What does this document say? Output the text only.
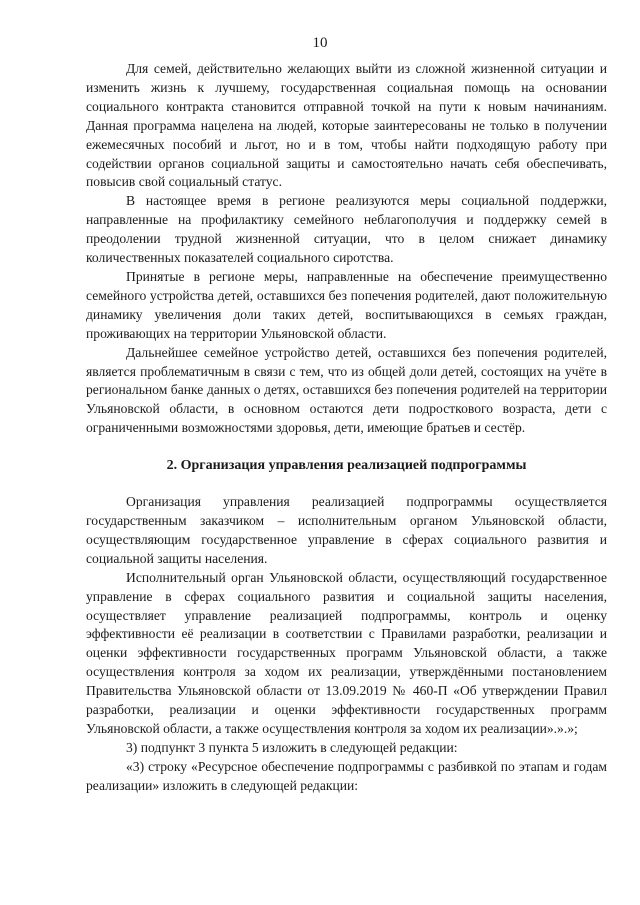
10

Для семей, действительно желающих выйти из сложной жизненной ситуации и изменить жизнь к лучшему, государственная социальная помощь на основании социального контракта становится отправной точкой на пути к новым начинаниям. Данная программа нацелена на людей, которые заинтересованы не только в получении ежемесячных пособий и льгот, но и в том, чтобы найти подходящую работу при содействии органов социальной защиты и самостоятельно начать себя обеспечивать, повысив свой социальный статус.

В настоящее время в регионе реализуются меры социальной поддержки, направленные на профилактику семейного неблагополучия и поддержку семей в преодолении трудной жизненной ситуации, что в целом снижает динамику количественных показателей социального сиротства.

Принятые в регионе меры, направленные на обеспечение преимущественно семейного устройства детей, оставшихся без попечения родителей, дают положительную динамику увеличения доли таких детей, воспитывающихся в семьях граждан, проживающих на территории Ульяновской области.

Дальнейшее семейное устройство детей, оставшихся без попечения родителей, является проблематичным в связи с тем, что из общей доли детей, состоящих на учёте в региональном банке данных о детях, оставшихся без попечения родителей на территории Ульяновской области, в основном остаются дети подросткового возраста, дети с ограниченными возможностями здоровья, дети, имеющие братьев и сестёр.

2. Организация управления реализацией подпрограммы

Организация управления реализацией подпрограммы осуществляется государственным заказчиком – исполнительным органом Ульяновской области, осуществляющим государственное управление в сферах социального развития и социальной защиты населения.

Исполнительный орган Ульяновской области, осуществляющий государственное управление в сферах социального развития и социальной защиты населения, осуществляет управление реализацией подпрограммы, контроль и оценку эффективности её реализации в соответствии с Правилами разработки, реализации и оценки эффективности государственных программ Ульяновской области, а также осуществления контроля за ходом их реализации, утверждёнными постановлением Правительства Ульяновской области от 13.09.2019 № 460-П «Об утверждении Правил разработки, реализации и оценки эффективности государственных программ Ульяновской области, а также осуществления контроля за ходом их реализации».».»;

3) подпункт 3 пункта 5 изложить в следующей редакции:

«3) строку «Ресурсное обеспечение подпрограммы с разбивкой по этапам и годам реализации» изложить в следующей редакции:
